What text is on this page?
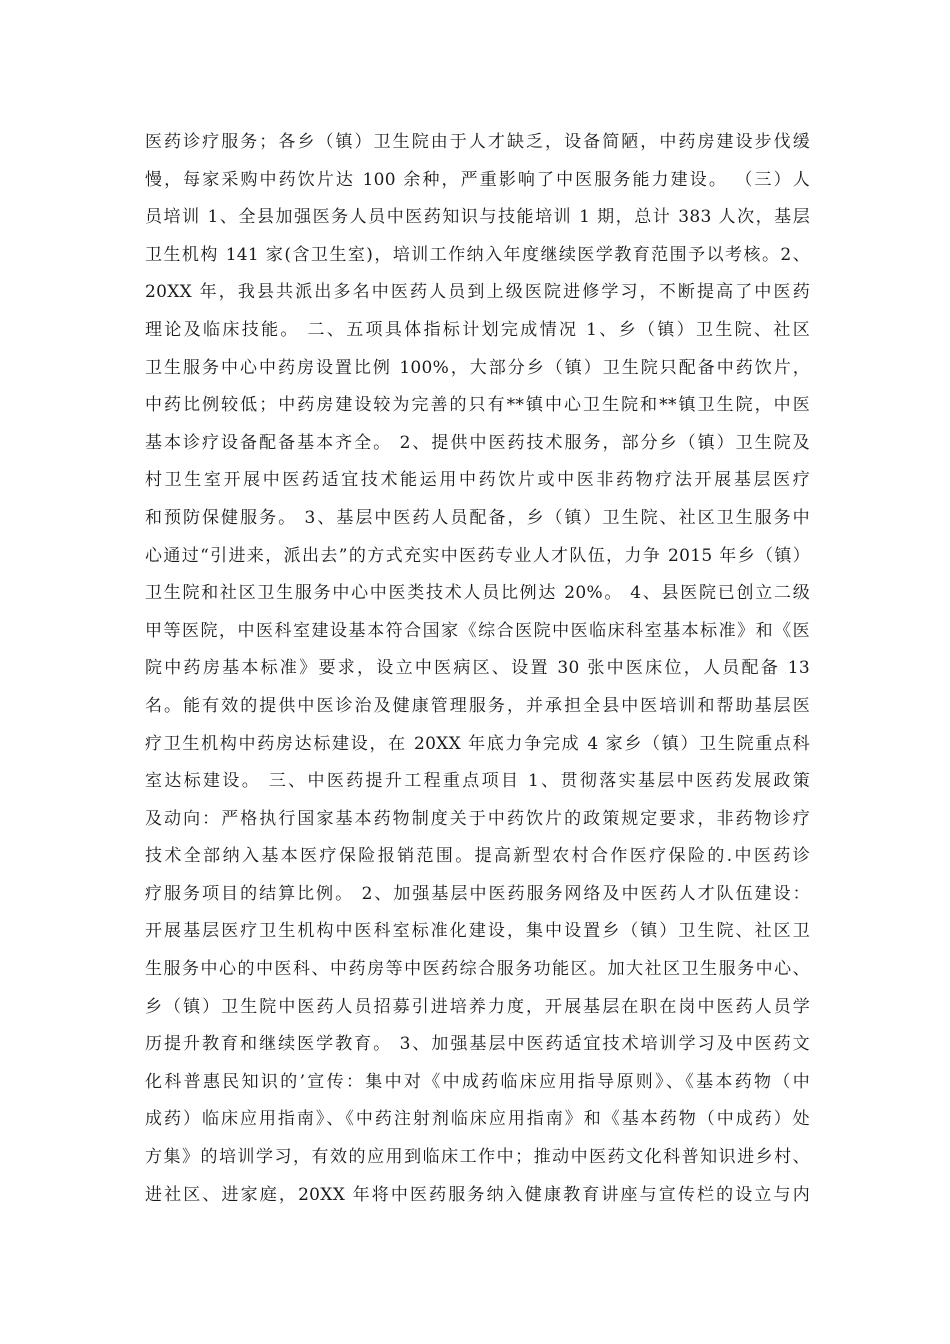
医药诊疗服务；各乡（镇）卫生院由于人才缺乏，设备简陋，中药房建设步伐缓
慢，每家采购中药饮片达 100 余种，严重影响了中医服务能力建设。 （三）人
员培训 1、全县加强医务人员中医药知识与技能培训 1 期，总计 383 人次，基层
卫生机构 141 家(含卫生室)，培训工作纳入年度继续医学教育范围予以考核。2、
20XX 年，我县共派出多名中医药人员到上级医院进修学习，不断提高了中医药
理论及临床技能。 二、五项具体指标计划完成情况 1、乡（镇）卫生院、社区
卫生服务中心中药房设置比例 100%，大部分乡（镇）卫生院只配备中药饮片，
中药比例较低；中药房建设较为完善的只有**镇中心卫生院和**镇卫生院，中医
基本诊疗设备配备基本齐全。 2、提供中医药技术服务，部分乡（镇）卫生院及
村卫生室开展中医药适宜技术能运用中药饮片或中医非药物疗法开展基层医疗
和预防保健服务。 3、基层中医药人员配备，乡（镇）卫生院、社区卫生服务中
心通过“引进来，派出去”的方式充实中医药专业人才队伍，力争 2015 年乡（镇）
卫生院和社区卫生服务中心中医类技术人员比例达 20%。 4、县医院已创立二级
甲等医院，中医科室建设基本符合国家《综合医院中医临床科室基本标准》和《医
院中药房基本标准》要求，设立中医病区、设置 30 张中医床位，人员配备 13
名。能有效的提供中医诊治及健康管理服务，并承担全县中医培训和帮助基层医
疗卫生机构中药房达标建设，在 20XX 年底力争完成 4 家乡（镇）卫生院重点科
室达标建设。 三、中医药提升工程重点项目 1、贯彻落实基层中医药发展政策
及动向：严格执行国家基本药物制度关于中药饮片的政策规定要求，非药物诊疗
技术全部纳入基本医疗保险报销范围。提高新型农村合作医疗保险的.中医药诊
疗服务项目的结算比例。 2、加强基层中医药服务网络及中医药人才队伍建设：
开展基层医疗卫生机构中医科室标准化建设，集中设置乡（镇）卫生院、社区卫
生服务中心的中医科、中药房等中医药综合服务功能区。加大社区卫生服务中心、
乡（镇）卫生院中医药人员招募引进培养力度，开展基层在职在岗中医药人员学
历提升教育和继续医学教育。 3、加强基层中医药适宜技术培训学习及中医药文
化科普惠民知识的’宣传：集中对《中成药临床应用指导原则》、《基本药物（中
成药）临床应用指南》、《中药注射剂临床应用指南》和《基本药物（中成药）处
方集》的培训学习，有效的应用到临床工作中；推动中医药文化科普知识进乡村、
进社区、进家庭，20XX 年将中医药服务纳入健康教育讲座与宣传栏的设立与内
